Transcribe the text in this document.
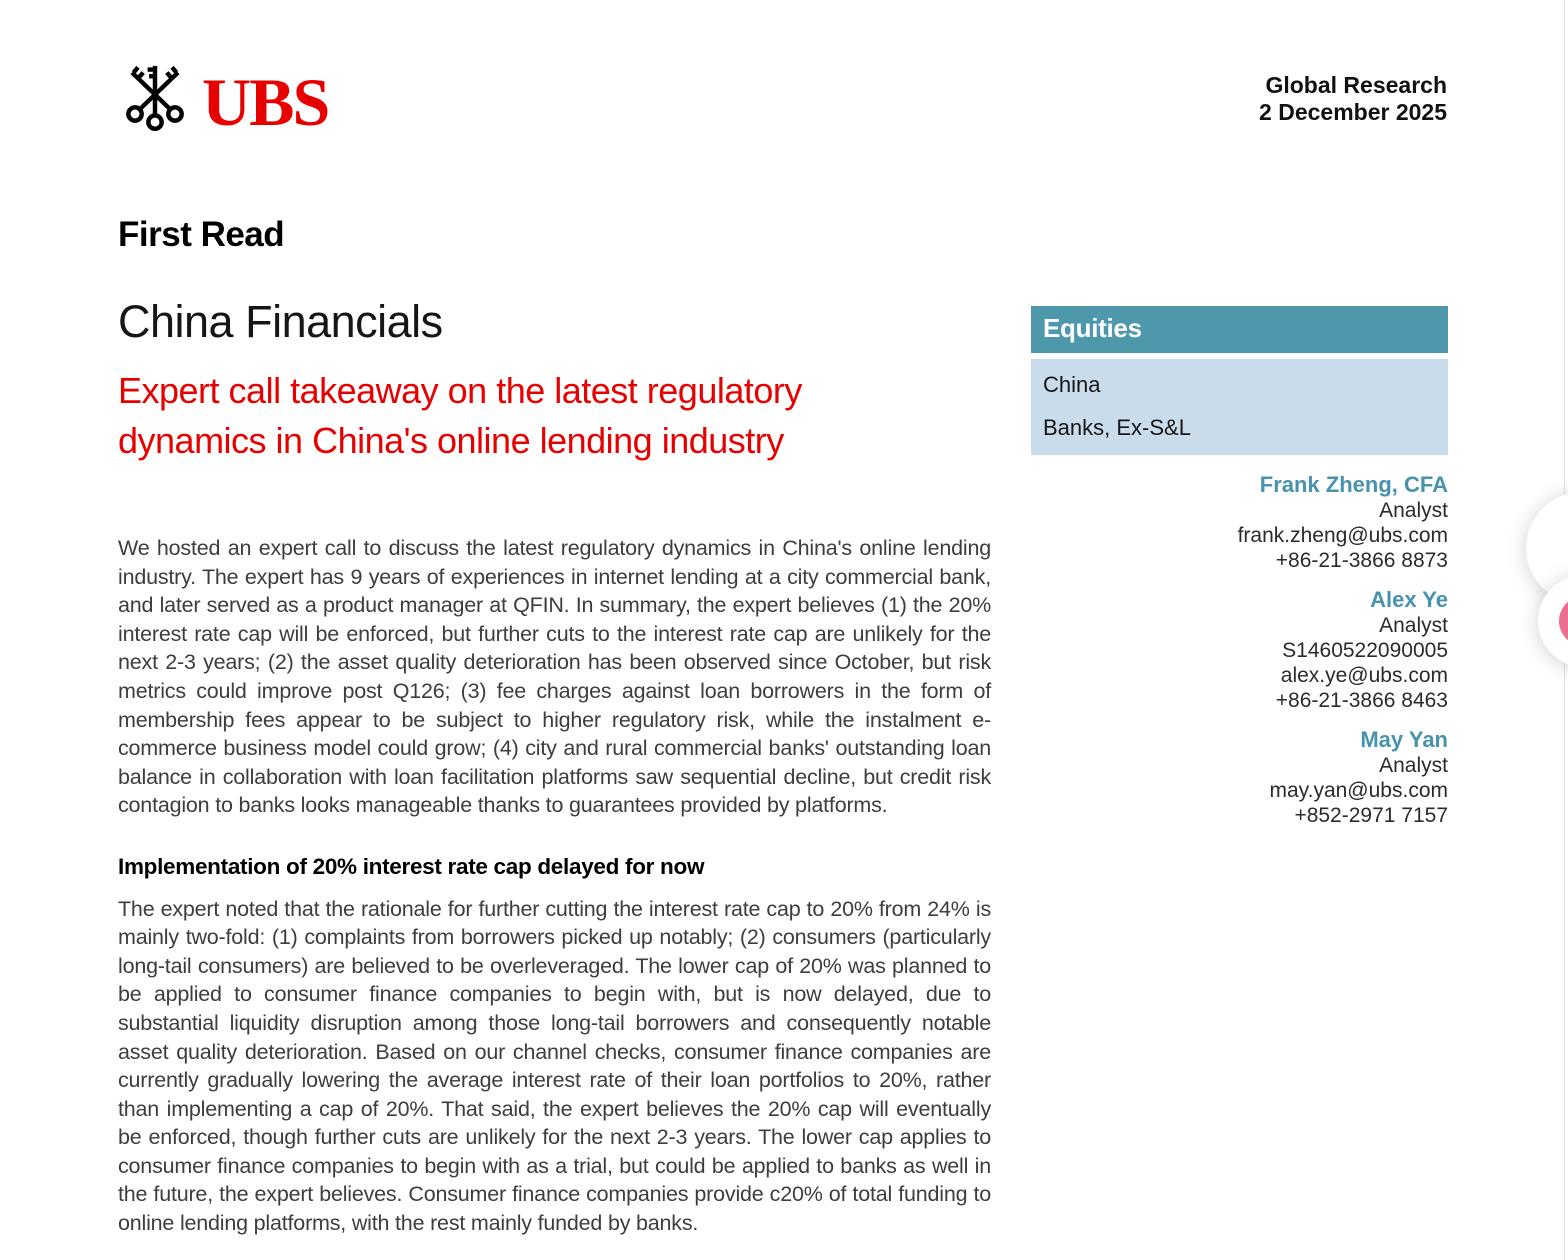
UBS	Global Research
2 December 2025
First Read
China Financials
Expert call takeaway on the latest regulatory
dynamics in China's online lending industry

We hosted an expert call to discuss the latest regulatory dynamics in China's online lending industry. The expert has 9 years of experiences in internet lending at a city commercial bank, and later served as a product manager at QFIN. In summary, the expert believes (1) the 20% interest rate cap will be enforced, but further cuts to the interest rate cap are unlikely for the next 2-3 years; (2) the asset quality deterioration has been observed since October, but risk metrics could improve post Q126; (3) fee charges against loan borrowers in the form of membership fees appear to be subject to higher regulatory risk, while the instalment e-commerce business model could grow; (4) city and rural commercial banks' outstanding loan balance in collaboration with loan facilitation platforms saw sequential decline, but credit risk contagion to banks looks manageable thanks to guarantees provided by platforms.

Implementation of 20% interest rate cap delayed for now

The expert noted that the rationale for further cutting the interest rate cap to 20% from 24% is mainly two-fold: (1) complaints from borrowers picked up notably; (2) consumers (particularly long-tail consumers) are believed to be overleveraged. The lower cap of 20% was planned to be applied to consumer finance companies to begin with, but is now delayed, due to substantial liquidity disruption among those long-tail borrowers and consequently notable asset quality deterioration. Based on our channel checks, consumer finance companies are currently gradually lowering the average interest rate of their loan portfolios to 20%, rather than implementing a cap of 20%. That said, the expert believes the 20% cap will eventually be enforced, though further cuts are unlikely for the next 2-3 years. The lower cap applies to consumer finance companies to begin with as a trial, but could be applied to banks as well in the future, the expert believes. Consumer finance companies provide c20% of total funding to online lending platforms, with the rest mainly funded by banks.

Equities
China
Banks, Ex-S&L
Frank Zheng, CFA
Analyst
frank.zheng@ubs.com
+86-21-3866 8873
Alex Ye
Analyst
S1460522090005
alex.ye@ubs.com
+86-21-3866 8463
May Yan
Analyst
may.yan@ubs.com
+852-2971 7157
